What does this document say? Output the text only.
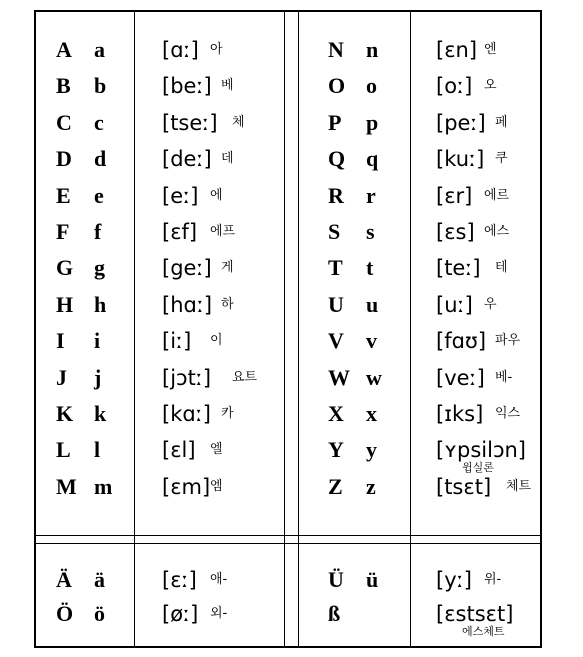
A a	[ɑː] 아
B b	[beː] 베
C c	[tseː] 체
D d	[deː] 데
E e	[eː] 에
F f	[ɛf] 에프
G g	[geː] 게
H h	[hɑː] 하
I i	[iː] 이
J j	[jɔtː] 요트
K k	[kɑː] 카
L l	[ɛl] 엘
M m [ɛm] 엠
N n	[ɛn] 엔
O o	[oː] 오
P p	[peː] 페
Q q	[kuː] 쿠
R r	[ɛr] 에르
S s	[ɛs] 에스
T t	[teː] 테
U u	[uː] 우
V v	[fɑʊ] 파우
W w	[veː] 베-
X x	[ɪks] 익스
Y y	[ʏpsilɔn]
윕실론
Z z	[tsɛt] 체트
Ä ä	[ɛː] 애-
Ö ö	[øː] 외-
Ü ü	[yː] 위-
ß	[ɛstsɛt]
에스체트
